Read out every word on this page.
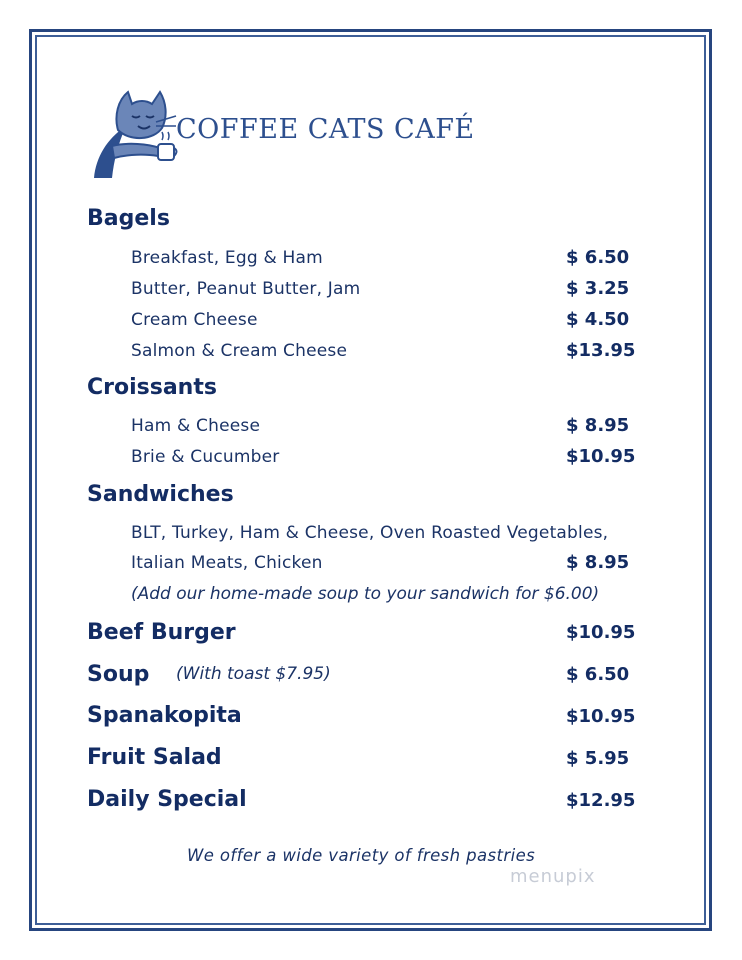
COFFEE CATS CAFÉ
Bagels
Breakfast, Egg & Ham	$ 6.50
Butter, Peanut Butter, Jam	$ 3.25
Cream Cheese	$ 4.50
Salmon & Cream Cheese	$13.95
Croissants
Ham & Cheese	$ 8.95
Brie & Cucumber	$10.95
Sandwiches
BLT, Turkey, Ham & Cheese, Oven Roasted Vegetables,
Italian Meats, Chicken	$ 8.95
(Add our home-made soup to your sandwich for $6.00)
Beef Burger	$10.95
Soup (With toast $7.95)	$ 6.50
Spanakopita	$10.95
Fruit Salad	$ 5.95
Daily Special	$12.95
We offer a wide variety of fresh pastries
menupix
